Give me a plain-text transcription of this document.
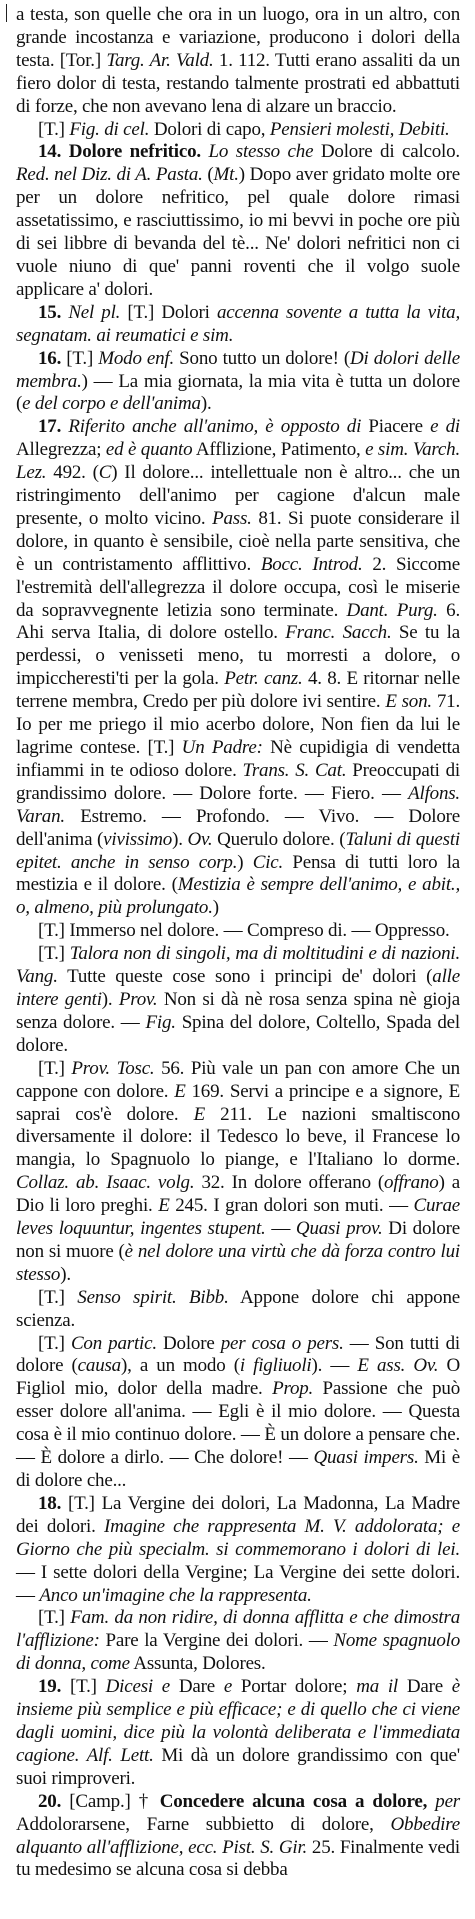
a testa, son quelle che ora in un luogo, ora in un altro, con grande incostanza e variazione, producono i dolori della testa. [Tor.] Targ. Ar. Vald. 1. 112. Tutti erano assaliti da un fiero dolor di testa, restando talmente prostrati ed abbattuti di forze, che non avevano lena di alzare un braccio.

[T.] Fig. di cel. Dolori di capo, Pensieri molesti, Debiti.

14. Dolore nefritico. Lo stesso che Dolore di calcolo. Red. nel Diz. di A. Pasta. (Mt.) Dopo aver gridato molte ore per un dolore nefritico, pel quale dolore rimasi assetatissimo, e rasciuttissimo, io mi bevvi in poche ore più di sei libbre di bevanda del tè... Ne' dolori nefritici non ci vuole niuno di que' panni roventi che il volgo suole applicare a' dolori.

15. Nel pl. [T.] Dolori accenna sovente a tutta la vita, segnatam. ai reumatici e sim.

16. [T.] Modo enf. Sono tutto un dolore! (Di dolori delle membra.) — La mia giornata, la mia vita è tutta un dolore (e del corpo e dell'anima).

17. Riferito anche all'animo, è opposto di Piacere e di Allegrezza; ed è quanto Afflizione, Patimento, e sim. Varch. Lez. 492. (C) Il dolore... intellettuale non è altro... che un ristringimento dell'animo per cagione d'alcun male presente, o molto vicino. Pass. 81. Si puote considerare il dolore, in quanto è sensibile, cioè nella parte sensitiva, che è un contristamento afflittivo. Bocc. Introd. 2. Siccome l'estremità dell'allegrezza il dolore occupa, così le miserie da sopravvegnente letizia sono terminate. Dant. Purg. 6. Ahi serva Italia, di dolore ostello. Franc. Sacch. Se tu la perdessi, o venisseti meno, tu morresti a dolore, o impiccheresti'ti per la gola. Petr. canz. 4. 8. E ritornar nelle terrene membra, Credo per più dolore ivi sentire. E son. 71. Io per me priego il mio acerbo dolore, Non fien da lui le lagrime contese. [T.] Un Padre: Nè cupidigia di vendetta infiammi in te odioso dolore. Trans. S. Cat. Preoccupati di grandissimo dolore. — Dolore forte. — Fiero. — Alfons. Varan. Estremo. — Profondo. — Vivo. — Dolore dell'anima (vivissimo). Ov. Querulo dolore. (Taluni di questi epitet. anche in senso corp.) Cic. Pensa di tutti loro la mestizia e il dolore. (Mestizia è sempre dell'animo, e abit., o, almeno, più prolungato.)

[T.] Immerso nel dolore. — Compreso di. — Oppresso.

[T.] Talora non di singoli, ma di moltitudini e di nazioni. Vang. Tutte queste cose sono i principi de' dolori (alle intere genti). Prov. Non si dà nè rosa senza spina nè gioja senza dolore. — Fig. Spina del dolore, Coltello, Spada del dolore.

[T.] Prov. Tosc. 56. Più vale un pan con amore Che un cappone con dolore. E 169. Servi a principe e a signore, E saprai cos'è dolore. E 211. Le nazioni smaltiscono diversamente il dolore: il Tedesco lo beve, il Francese lo mangia, lo Spagnuolo lo piange, e l'Italiano lo dorme. Collaz. ab. Isaac. volg. 32. In dolore offerano (offrano) a Dio li loro preghi. E 245. I gran dolori son muti. — Curae leves loquuntur, ingentes stupent. — Quasi prov. Di dolore non si muore (è nel dolore una virtù che dà forza contro lui stesso).

[T.] Senso spirit. Bibb. Appone dolore chi appone scienza.

[T.] Con partic. Dolore per cosa o pers. — Son tutti di dolore (causa), a un modo (i figliuoli). — E ass. Ov. O Figliol mio, dolor della madre. Prop. Passione che può esser dolore all'anima. — Egli è il mio dolore. — Questa cosa è il mio continuo dolore. — È un dolore a pensare che. — È dolore a dirlo. — Che dolore! — Quasi impers. Mi è di dolore che...

18. [T.] La Vergine dei dolori, La Madonna, La Madre dei dolori. Imagine che rappresenta M. V. addolorata; e Giorno che più specialm. si commemorano i dolori di lei. — I sette dolori della Vergine; La Vergine dei sette dolori. — Anco un'imagine che la rappresenta.

[T.] Fam. da non ridire, di donna afflitta e che dimostra l'afflizione: Pare la Vergine dei dolori. — Nome spagnuolo di donna, come Assunta, Dolores.

19. [T.] Dicesi e Dare e Portar dolore; ma il Dare è insieme più semplice e più efficace; e di quello che ci viene dagli uomini, dice più la volontà deliberata e l'immediata cagione. Alf. Lett. Mi dà un dolore grandissimo con que' suoi rimproveri.

20. [Camp.] † Concedere alcuna cosa a dolore, per Addolorarsene, Farne subbietto di dolore, Obbedire alquanto all'afflizione, ecc. Pist. S. Gir. 25. Finalmente vedi tu medesimo se alcuna cosa si debba
